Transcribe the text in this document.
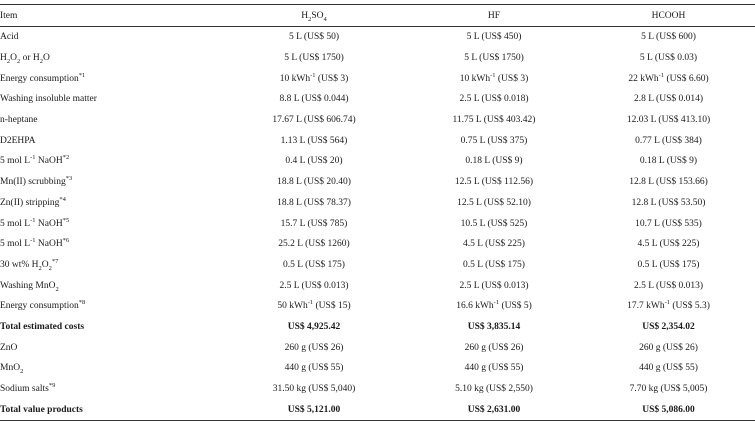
Item	$H_2SO_4$	HF	HCOOH
Acid	5 L (US$ 50)	5 L (US$ 450)	5 L (US$ 600)
$H_2O_2$ or $H_2O$	5 L (US$ 1750)	5 L (US$ 1750)	5 L (US$ 0.03)
Energy consumption$^{*1}$	10 kWh$^{-1}$ (US$ 3)	10 kWh$^{-1}$ (US$ 3)	22 kWh$^{-1}$ (US$ 6.60)
Washing insoluble matter	8.8 L (US$ 0.044)	2.5 L (US$ 0.018)	2.8 L (US$ 0.014)
n-heptane	17.67 L (US$ 606.74)	11.75 L (US$ 403.42)	12.03 L (US$ 413.10)
D2EHPA	1.13 L (US$ 564)	0.75 L (US$ 375)	0.77 L (US$ 384)
5 mol $L^{-1}$ NaOH$^{*2}$	0.4 L (US$ 20)	0.18 L (US$ 9)	0.18 L (US$ 9)
Mn(II) scrubbing$^{*3}$	18.8 L (US$ 20.40)	12.5 L (US$ 112.56)	12.8 L (US$ 153.66)
Zn(II) stripping$^{*4}$	18.8 L (US$ 78.37)	12.5 L (US$ 52.10)	12.8 L (US$ 53.50)
5 mol $L^{-1}$ NaOH$^{*5}$	15.7 L (US$ 785)	10.5 L (US$ 525)	10.7 L (US$ 535)
5 mol $L^{-1}$ NaOH$^{*6}$	25.2 L (US$ 1260)	4.5 L (US$ 225)	4.5 L (US$ 225)
30 wt% $H_2O_2^{*7}$	0.5 L (US$ 175)	0.5 L (US$ 175)	0.5 L (US$ 175)
Washing MnO$_2$	2.5 L (US$ 0.013)	2.5 L (US$ 0.013)	2.5 L (US$ 0.013)
Energy consumption$^{*8}$	50 kWh$^{-1}$ (US$ 15)	16.6 kWh$^{-1}$ (US$ 5)	17.7 kWh$^{-1}$ (US$ 5.3)
Total estimated costs	US$ 4,925.42	US$ 3,835.14	US$ 2,354.02
ZnO	260 g (US$ 26)	260 g (US$ 26)	260 g (US$ 26)
MnO$_2$	440 g (US$ 55)	440 g (US$ 55)	440 g (US$ 55)
Sodium salts$^{*9}$	31.50 kg (US$ 5,040)	5.10 kg (US$ 2,550)	7.70 kg (US$ 5,005)
Total value products	US$ 5,121.00	US$ 2,631.00	US$ 5,086.00
